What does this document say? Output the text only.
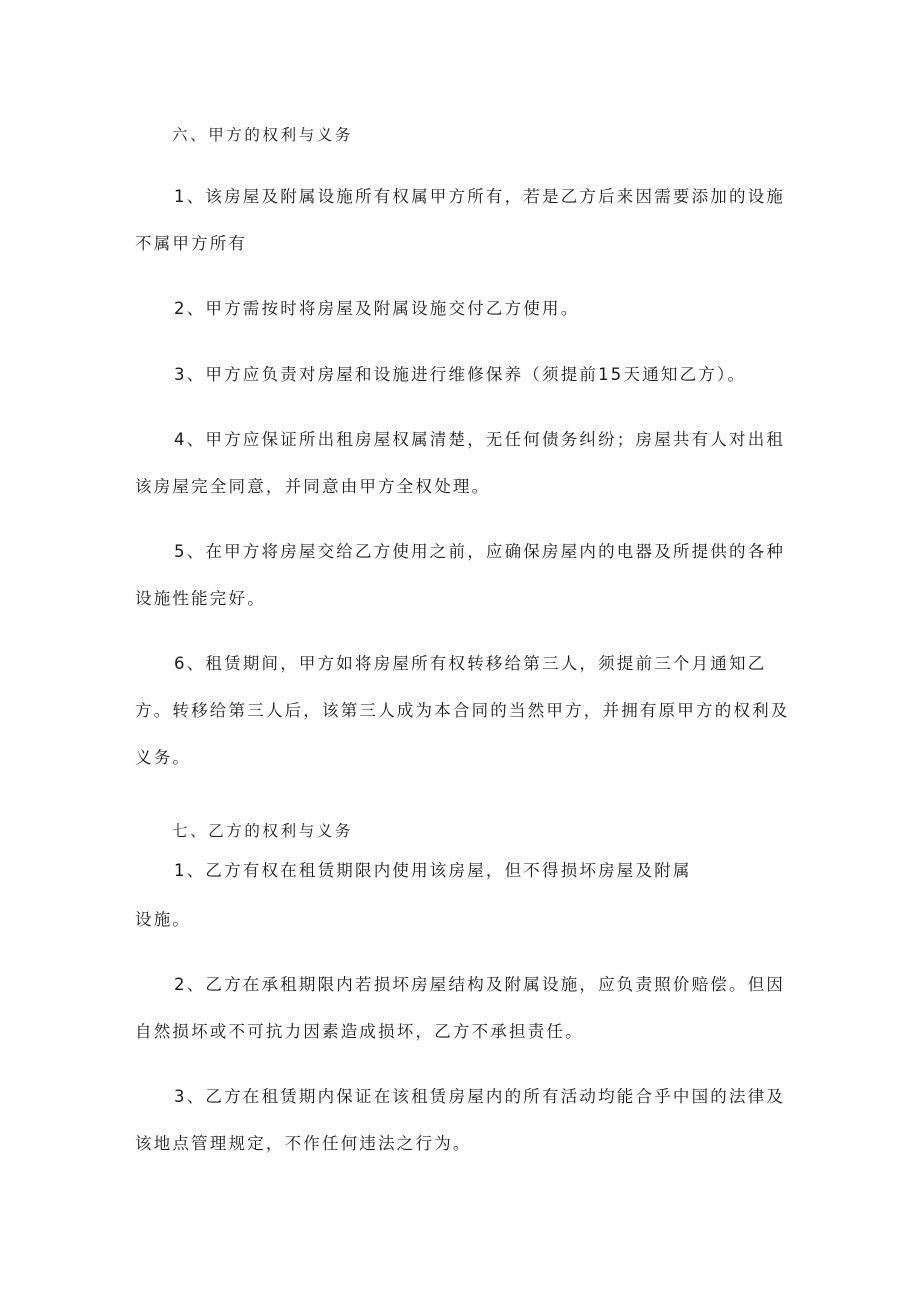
六、甲方的权利与义务
1、该房屋及附属设施所有权属甲方所有，若是乙方后来因需要添加的设施
不属甲方所有
2、甲方需按时将房屋及附属设施交付乙方使用。
3、甲方应负责对房屋和设施进行维修保养（须提前15天通知乙方）。
4、甲方应保证所出租房屋权属清楚，无任何债务纠纷；房屋共有人对出租
该房屋完全同意，并同意由甲方全权处理。
5、在甲方将房屋交给乙方使用之前，应确保房屋内的电器及所提供的各种
设施性能完好。
6、租赁期间，甲方如将房屋所有权转移给第三人，须提前三个月通知乙
方。转移给第三人后，该第三人成为本合同的当然甲方，并拥有原甲方的权利及
义务。
七、乙方的权利与义务
1、乙方有权在租赁期限内使用该房屋，但不得损坏房屋及附属
设施。
2、乙方在承租期限内若损坏房屋结构及附属设施，应负责照价赔偿。但因
自然损坏或不可抗力因素造成损坏，乙方不承担责任。
3、乙方在租赁期内保证在该租赁房屋内的所有活动均能合乎中国的法律及
该地点管理规定，不作任何违法之行为。
